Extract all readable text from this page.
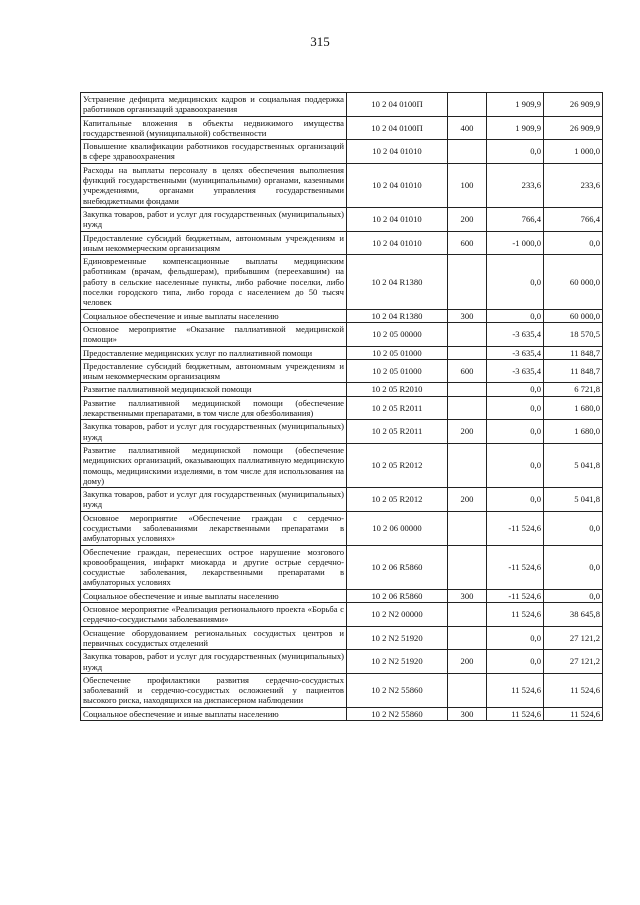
315
Устранение дефицита медицинских кадров и социальная поддержка работников организаций здравоохранения	10 2 04 0100П		1 909,9	26 909,9
Капитальные вложения в объекты недвижимого имущества государственной (муниципальной) собственности	10 2 04 0100П	400	1 909,9	26 909,9
Повышение квалификации работников государственных организаций в сфере здравоохранения	10 2 04 01010		0,0	1 000,0
Расходы на выплаты персоналу в целях обеспечения выполнения функций государственными (муниципальными) органами, казенными учреждениями, органами управления государственными внебюджетными фондами	10 2 04 01010	100	233,6	233,6
Закупка товаров, работ и услуг для государственных (муниципальных) нужд	10 2 04 01010	200	766,4	766,4
Предоставление субсидий бюджетным, автономным учреждениям и иным некоммерческим организациям	10 2 04 01010	600	-1 000,0	0,0
Единовременные компенсационные выплаты медицинским работникам (врачам, фельдшерам), прибывшим (переехавшим) на работу в сельские населенные пункты, либо рабочие поселки, либо поселки городского типа, либо города с населением до 50 тысяч человек	10 2 04 R1380		0,0	60 000,0
Социальное обеспечение и иные выплаты населению	10 2 04 R1380	300	0,0	60 000,0
Основное мероприятие «Оказание паллиативной медицинской помощи»	10 2 05 00000		-3 635,4	18 570,5
Предоставление медицинских услуг по паллиативной помощи	10 2 05 01000		-3 635,4	11 848,7
Предоставление субсидий бюджетным, автономным учреждениям и иным некоммерческим организациям	10 2 05 01000	600	-3 635,4	11 848,7
Развитие паллиативной медицинской помощи	10 2 05 R2010		0,0	6 721,8
Развитие паллиативной медицинской помощи (обеспечение лекарственными препаратами, в том числе для обезболивания)	10 2 05 R2011		0,0	1 680,0
Закупка товаров, работ и услуг для государственных (муниципальных) нужд	10 2 05 R2011	200	0,0	1 680,0
Развитие паллиативной медицинской помощи (обеспечение медицинских организаций, оказывающих паллиативную медицинскую помощь, медицинскими изделиями, в том числе для использования на дому)	10 2 05 R2012		0,0	5 041,8
Закупка товаров, работ и услуг для государственных (муниципальных) нужд	10 2 05 R2012	200	0,0	5 041,8
Основное мероприятие «Обеспечение граждан с сердечно-сосудистыми заболеваниями лекарственными препаратами в амбулаторных условиях»	10 2 06 00000		-11 524,6	0,0
Обеспечение граждан, перенесших острое нарушение мозгового кровообращения, инфаркт миокарда и другие острые сердечно-сосудистые заболевания, лекарственными препаратами в амбулаторных условиях	10 2 06 R5860		-11 524,6	0,0
Социальное обеспечение и иные выплаты населению	10 2 06 R5860	300	-11 524,6	0,0
Основное мероприятие «Реализация регионального проекта «Борьба с сердечно-сосудистыми заболеваниями»	10 2 N2 00000		11 524,6	38 645,8
Оснащение оборудованием региональных сосудистых центров и первичных сосудистых отделений	10 2 N2 51920		0,0	27 121,2
Закупка товаров, работ и услуг для государственных (муниципальных) нужд	10 2 N2 51920	200	0,0	27 121,2
Обеспечение профилактики развития сердечно-сосудистых заболеваний и сердечно-сосудистых осложнений у пациентов высокого риска, находящихся на диспансерном наблюдении	10 2 N2 55860		11 524,6	11 524,6
Социальное обеспечение и иные выплаты населению	10 2 N2 55860	300	11 524,6	11 524,6
